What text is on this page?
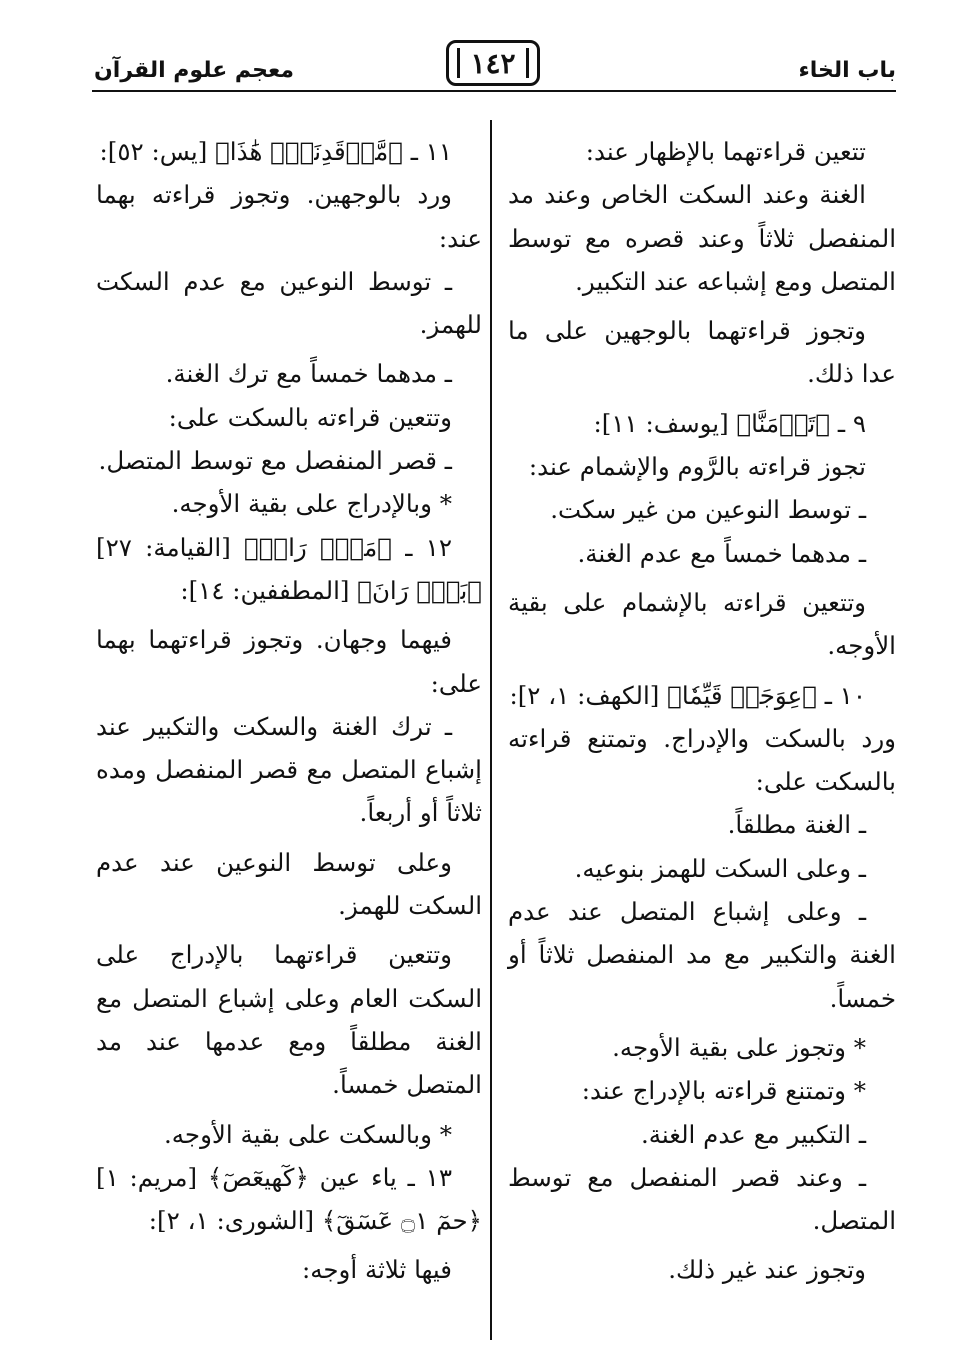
باب الخاء
١٤٢
معجم علوم القرآن

تتعين قراءتهما بالإظهار عند:

الغنة وعند السكت الخاص وعند مد المنفصل ثلاثاً وعند قصره مع توسط المتصل ومع إشباعه عند التكبير.

وتجوز قراءتهما بالوجهين على ما عدا ذلك.

٩ ـ ﴿تَأۡمَنَّا﴾ [يوسف: ١١]:

تجوز قراءته بالرَّوم والإشمام عند:

ـ توسط النوعين من غير سكت.

ـ مدهما خمساً مع عدم الغنة.

وتتعين قراءته بالإشمام على بقية الأوجه.

١٠ ـ ﴿عِوَجَاۜ قَيِّمٗا﴾ [الكهف: ١، ٢]:

ورد بالسكت والإدراج. وتمتنع قراءته بالسكت على:

ـ الغنة مطلقاً.

ـ وعلى السكت للهمز بنوعيه.

ـ وعلى إشباع المتصل عند عدم الغنة والتكبير مع مد المنفصل ثلاثاً أو خمساً.

* وتجوز على بقية الأوجه.

* وتمتنع قراءته بالإدراج عند:

ـ التكبير مع عدم الغنة.

ـ وعند قصر المنفصل مع توسط المتصل.

وتجوز عند غير ذلك.

١١ ـ ﴿مَّرۡقَدِنَاۜۗ هَٰذَا﴾ [يس: ٥٢]:

ورد بالوجهين. وتجوز قراءته بهما عند:

ـ توسط النوعين مع عدم السكت للهمز.

ـ مدهما خمساً مع ترك الغنة.

وتتعين قراءته بالسكت على:

ـ قصر المنفصل مع توسط المتصل.

* وبالإدراج على بقية الأوجه.

١٢ ـ ﴿مَنۡۜ رَاقٖ﴾ [القيامة: ٢٧] ﴿بَلۡۜ رَانَ﴾ [المطففين: ١٤]:

فيهما وجهان. وتجوز قراءتهما بهما على:

ـ ترك الغنة والسكت والتكبير عند إشباع المتصل مع قصر المنفصل ومده ثلاثاً أو أربعاً.

وعلى توسط النوعين عند عدم السكت للهمز.

وتتعين قراءتهما بالإدراج على السكت العام وعلى إشباع المتصل مع الغنة مطلقاً ومع عدمها عند مد المتصل خمساً.

* وبالسكت على بقية الأوجه.

١٣ ـ ياء عين ﴿كٓهيعٓصٓ﴾ [مريم: ١] ﴿حمٓ ۝١ عٓسٓقٓ﴾ [الشورى: ١، ٢]:

فيها ثلاثة أوجه:
